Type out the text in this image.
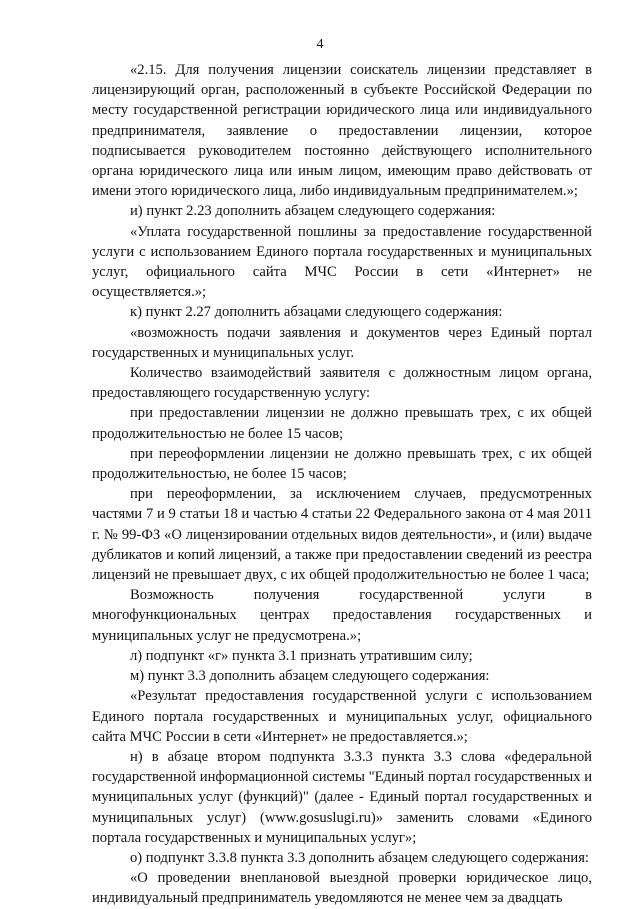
4

«2.15. Для получения лицензии соискатель лицензии представляет в лицензирующий орган, расположенный в субъекте Российской Федерации по месту государственной регистрации юридического лица или индивидуального предпринимателя, заявление о предоставлении лицензии, которое подписывается руководителем постоянно действующего исполнительного органа юридического лица или иным лицом, имеющим право действовать от имени этого юридического лица, либо индивидуальным предпринимателем.»;

и) пункт 2.23 дополнить абзацем следующего содержания:

«Уплата государственной пошлины за предоставление государственной услуги с использованием Единого портала государственных и муниципальных услуг, официального сайта МЧС России в сети «Интернет» не осуществляется.»;

к) пункт 2.27 дополнить абзацами следующего содержания:

«возможность подачи заявления и документов через Единый портал государственных и муниципальных услуг.

Количество взаимодействий заявителя с должностным лицом органа, предоставляющего государственную услугу:

при предоставлении лицензии не должно превышать трех, с их общей продолжительностью не более 15 часов;

при переоформлении лицензии не должно превышать трех, с их общей продолжительностью, не более 15 часов;

при переоформлении, за исключением случаев, предусмотренных частями 7 и 9 статьи 18 и частью 4 статьи 22 Федерального закона от 4 мая 2011 г. № 99-ФЗ «О лицензировании отдельных видов деятельности», и (или) выдаче дубликатов и копий лицензий, а также при предоставлении сведений из реестра лицензий не превышает двух, с их общей продолжительностью не более 1 часа;

Возможность получения государственной услуги в многофункциональных центрах предоставления государственных и муниципальных услуг не предусмотрена.»;

л) подпункт «г» пункта 3.1 признать утратившим силу;

м) пункт 3.3 дополнить абзацем следующего содержания:

«Результат предоставления государственной услуги с использованием Единого портала государственных и муниципальных услуг, официального сайта МЧС России в сети «Интернет» не предоставляется.»;

н) в абзаце втором подпункта 3.3.3 пункта 3.3 слова «федеральной государственной информационной системы "Единый портал государственных и муниципальных услуг (функций)" (далее - Единый портал государственных и муниципальных услуг) (www.gosuslugi.ru)» заменить словами «Единого портала государственных и муниципальных услуг»;

о) подпункт 3.3.8 пункта 3.3 дополнить абзацем следующего содержания:

«О проведении внеплановой выездной проверки юридическое лицо, индивидуальный предприниматель уведомляются не менее чем за двадцать
